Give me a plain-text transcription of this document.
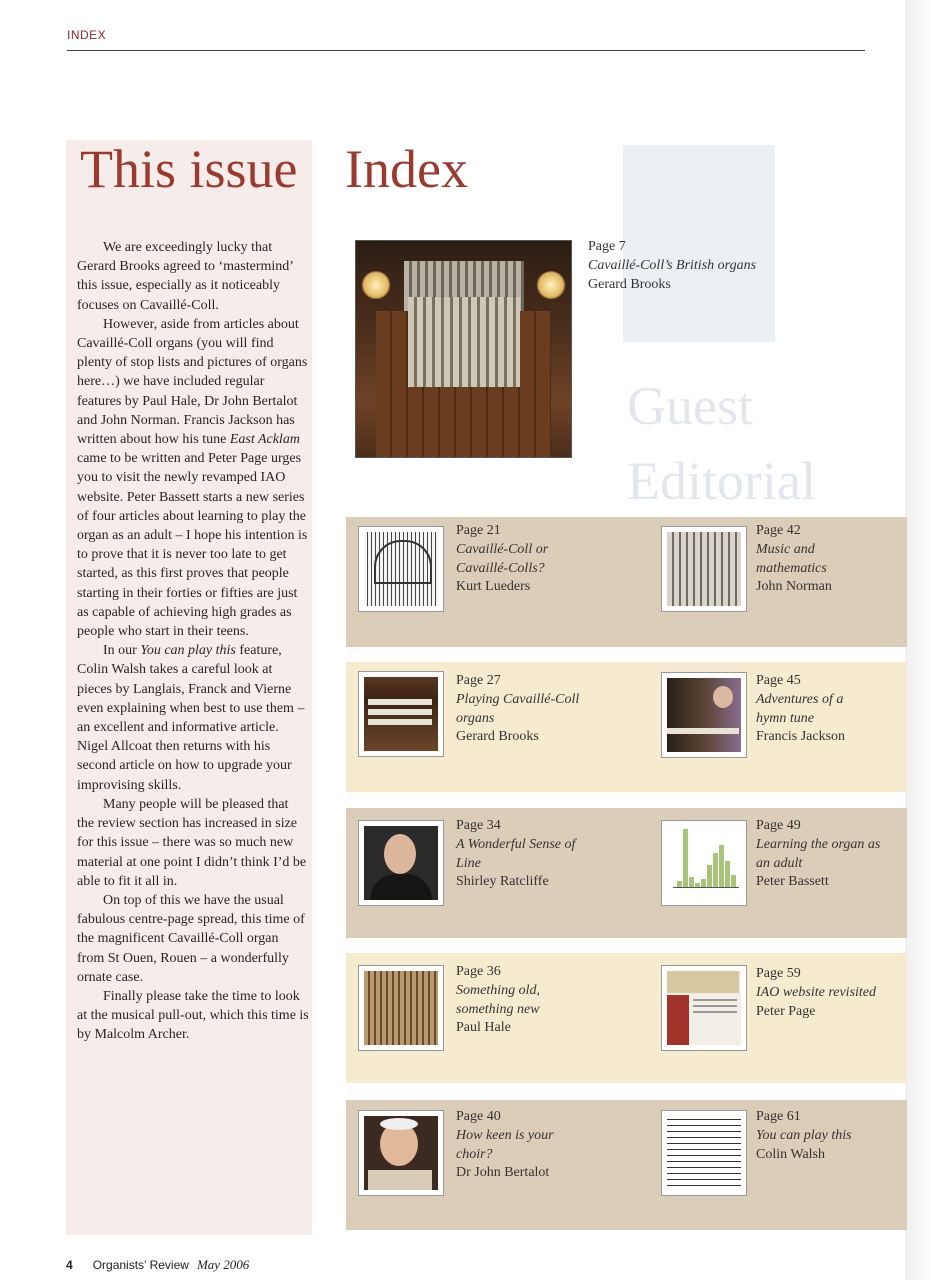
INDEX
Guest
Editorial
This issue Index

We are exceedingly lucky that Gerard Brooks agreed to ‘mastermind’ this issue, especially as it noticeably focuses on Cavaillé-Coll.

However, aside from articles about Cavaillé-Coll organs (you will find plenty of stop lists and pictures of organs here…) we have included regular features by Paul Hale, Dr John Bertalot and John Norman. Francis Jackson has written about how his tune East Acklam came to be written and Peter Page urges you to visit the newly revamped IAO website. Peter Bassett starts a new series of four articles about learning to play the organ as an adult – I hope his intention is to prove that it is never too late to get started, as this first proves that people starting in their forties or fifties are just as capable of achieving high grades as people who start in their teens.

In our You can play this feature, Colin Walsh takes a careful look at pieces by Langlais, Franck and Vierne even explaining when best to use them – an excellent and informative article. Nigel Allcoat then returns with his second article on how to upgrade your improvising skills.

Many people will be pleased that the review section has increased in size for this issue – there was so much new material at one point I didn’t think I’d be able to fit it all in.

On top of this we have the usual fabulous centre-page spread, this time of the magnificent Cavaillé-Coll organ from St Ouen, Rouen – a wonderfully ornate case.

Finally please take the time to look at the musical pull-out, which this time is by Malcolm Archer.

Page 7
Cavaillé-Coll’s British organs
Gerard Brooks
Page 21
Cavaillé-Coll or Cavaillé-Colls?
Kurt Lueders
Page 42
Music and mathematics
John Norman
Page 27
Playing Cavaillé-Coll organs
Gerard Brooks
Page 45
Adventures of a hymn tune
Francis Jackson
Page 34
A Wonderful Sense of Line
Shirley Ratcliffe
Page 49
Learning the organ as an adult
Peter Bassett
Page 36
Something old, something new
Paul Hale
Page 59
IAO website revisited
Peter Page
Page 40
How keen is your choir?
Dr John Bertalot
Page 61
You can play this
Colin Walsh
4 Organists’ Review May 2006
